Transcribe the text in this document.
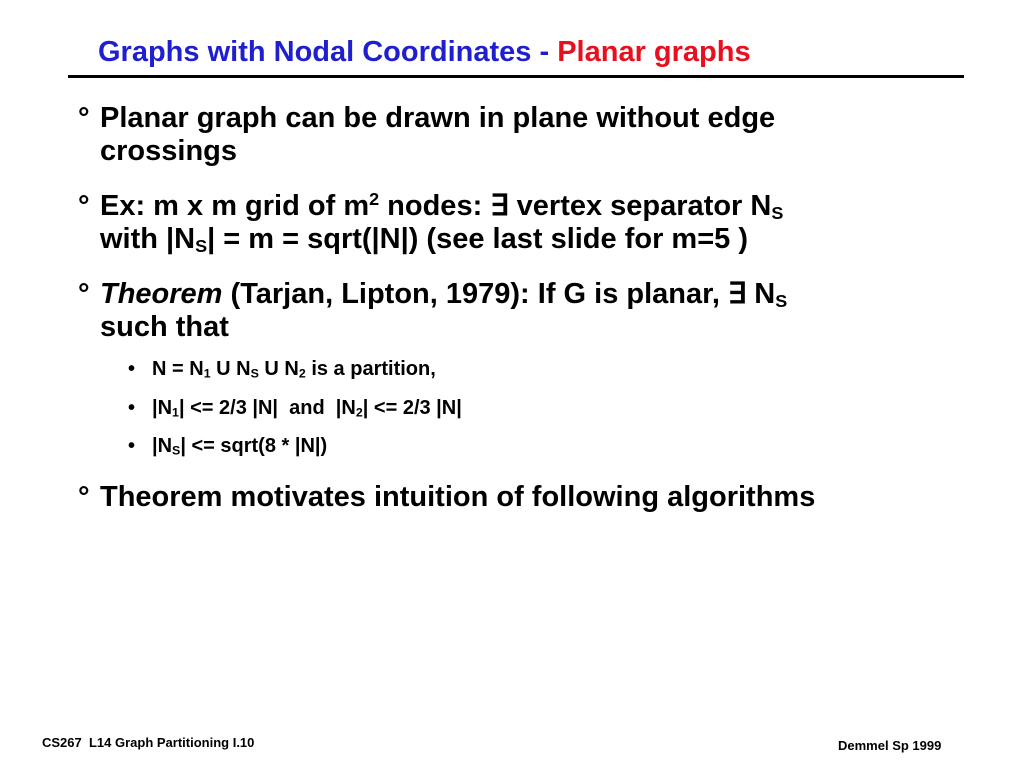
Graphs with Nodal Coordinates - Planar graphs
° Planar graph can be drawn in plane without edge
crossings
° Ex: m x m grid of $m^2$ nodes: ∃ vertex separator $N_S$
with $|N_S| = m$ = sqrt(|N|) (see last slide for m=5 )
° Theorem (Tarjan, Lipton, 1979): If G is planar, ∃ $N_S$
such that
• $N = N_1$ U $N_S$ U $N_2$ is a partition,
• $|N_1| <= 2/3$ |N|  and  $|N_2| <= 2/3$ |N|
• $|N_S|$ <= sqrt(8 * |N|)
° Theorem motivates intuition of following algorithms
CS267  L14 Graph Partitioning I.10	Demmel Sp 1999
